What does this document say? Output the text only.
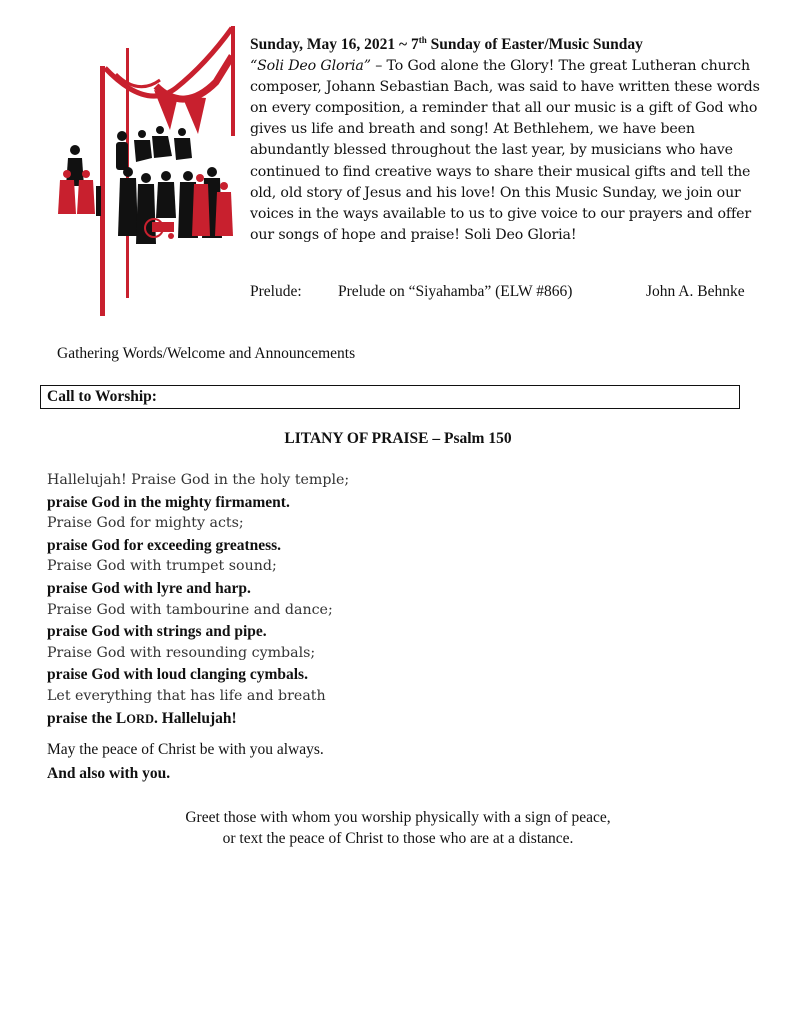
Sunday, May 16, 2021 ~ 7th Sunday of Easter/Music Sunday
“Soli Deo Gloria” – To God alone the Glory! The great Lutheran church composer, Johann Sebastian Bach, was said to have written these words on every composition, a reminder that all our music is a gift of God who gives us life and breath and song! At Bethlehem, we have been abundantly blessed throughout the last year, by musicians who have continued to find creative ways to share their musical gifts and tell the old, old story of Jesus and his love! On this Music Sunday, we join our voices in the ways available to us to give voice to our prayers and offer our songs of hope and praise! Soli Deo Gloria!
Prelude: Prelude on “Siyahamba” (ELW #866)	John A. Behnke
Gathering Words/Welcome and Announcements
Call to Worship:
LITANY OF PRAISE – Psalm 150
Hallelujah! Praise God in the holy temple;
praise God in the mighty firmament.
Praise God for mighty acts;
praise God for exceeding greatness.
Praise God with trumpet sound;
praise God with lyre and harp.
Praise God with tambourine and dance;
praise God with strings and pipe.
Praise God with resounding cymbals;
praise God with loud clanging cymbals.
Let everything that has life and breath
praise the LORD. Hallelujah!
May the peace of Christ be with you always.
And also with you.
Greet those with whom you worship physically with a sign of peace,
or text the peace of Christ to those who are at a distance.
